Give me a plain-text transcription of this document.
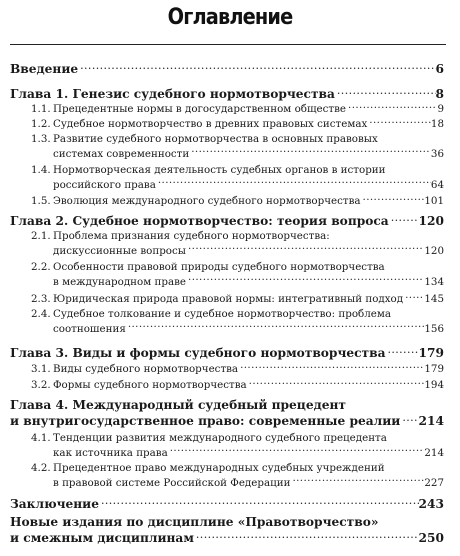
Оглавление
Введение .....	6
Глава 1. Генезис судебного нормотворчества .....	8
1.1. Прецедентные нормы в догосударственном обществе .....	9
1.2. Судебное нормотворчество в древних правовых системах .....	18
1.3. Развитие судебного нормотворчества в основных правовых
системах современности .....	36
1.4. Нормотворческая деятельность судебных органов в истории
российского права .....	64
1.5. Эволюция международного судебного нормотворчества .....	101
Глава 2. Судебное нормотворчество: теория вопроса ..... 120
2.1. Проблема признания судебного нормотворчества:
дискуссионные вопросы .....	120
2.2. Особенности правовой природы судебного нормотворчества
в международном праве .....	134
2.3. Юридическая природа правовой нормы: интегративный подход ..... 145
2.4. Судебное толкование и судебное нормотворчество: проблема
соотношения .....	156
Глава 3. Виды и формы судебного нормотворчества .....	179
3.1. Виды судебного нормотворчества .....	179
3.2. Формы судебного нормотворчества .....	194
Глава 4. Международный судебный прецедент
и внутригосударственное право: современные реалии ..... 214
4.1. Тенденции развития международного судебного прецедента
как источника права .....	214
4.2. Прецедентное право международных судебных учреждений
в правовой системе Российской Федерации .....	227
Заключение .....	243
Новые издания по дисциплине «Правотворчество»
и смежным дисциплинам .....	250
